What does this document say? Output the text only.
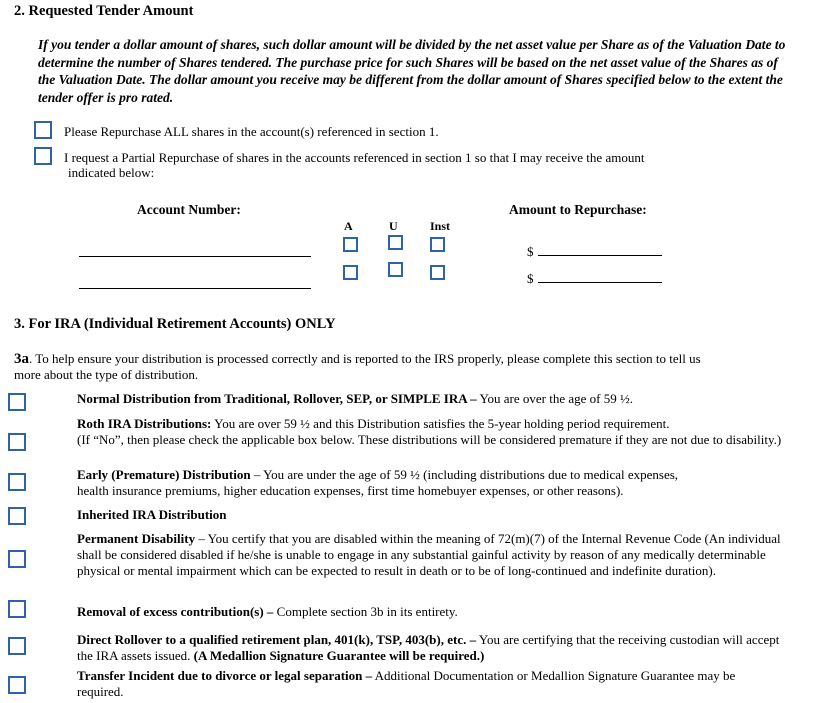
2. Requested Tender Amount
If you tender a dollar amount of shares, such dollar amount will be divided by the net asset value per Share as of the Valuation Date to determine the number of Shares tendered. The purchase price for such Shares will be based on the net asset value of the Shares as of the Valuation Date. The dollar amount you receive may be different from the dollar amount of Shares specified below to the extent the tender offer is pro rated.
Please Repurchase ALL shares in the account(s) referenced in section 1.
I request a Partial Repurchase of shares in the accounts referenced in section 1 so that I may receive the amount
indicated below:
Account Number:
A	U	Inst
Amount to Repurchase:
$
$
3. For IRA (Individual Retirement Accounts) ONLY
3a. To help ensure your distribution is processed correctly and is reported to the IRS properly, please complete this section to tell us
more about the type of distribution.
Normal Distribution from Traditional, Rollover, SEP, or SIMPLE IRA – You are over the age of 59 ½.
Roth IRA Distributions: You are over 59 ½ and this Distribution satisfies the 5-year holding period requirement.
(If “No”, then please check the applicable box below. These distributions will be considered premature if they are not due to disability.)
Early (Premature) Distribution – You are under the age of 59 ½ (including distributions due to medical expenses,
health insurance premiums, higher education expenses, first time homebuyer expenses, or other reasons).
Inherited IRA Distribution
Permanent Disability – You certify that you are disabled within the meaning of 72(m)(7) of the Internal Revenue Code (An individual
shall be considered disabled if he/she is unable to engage in any substantial gainful activity by reason of any medically determinable
physical or mental impairment which can be expected to result in death or to be of long-continued and indefinite duration).
Removal of excess contribution(s) – Complete section 3b in its entirety.
Direct Rollover to a qualified retirement plan, 401(k), TSP, 403(b), etc. – You are certifying that the receiving custodian will accept
the IRA assets issued. (A Medallion Signature Guarantee will be required.)
Transfer Incident due to divorce or legal separation – Additional Documentation or Medallion Signature Guarantee may be
required.
